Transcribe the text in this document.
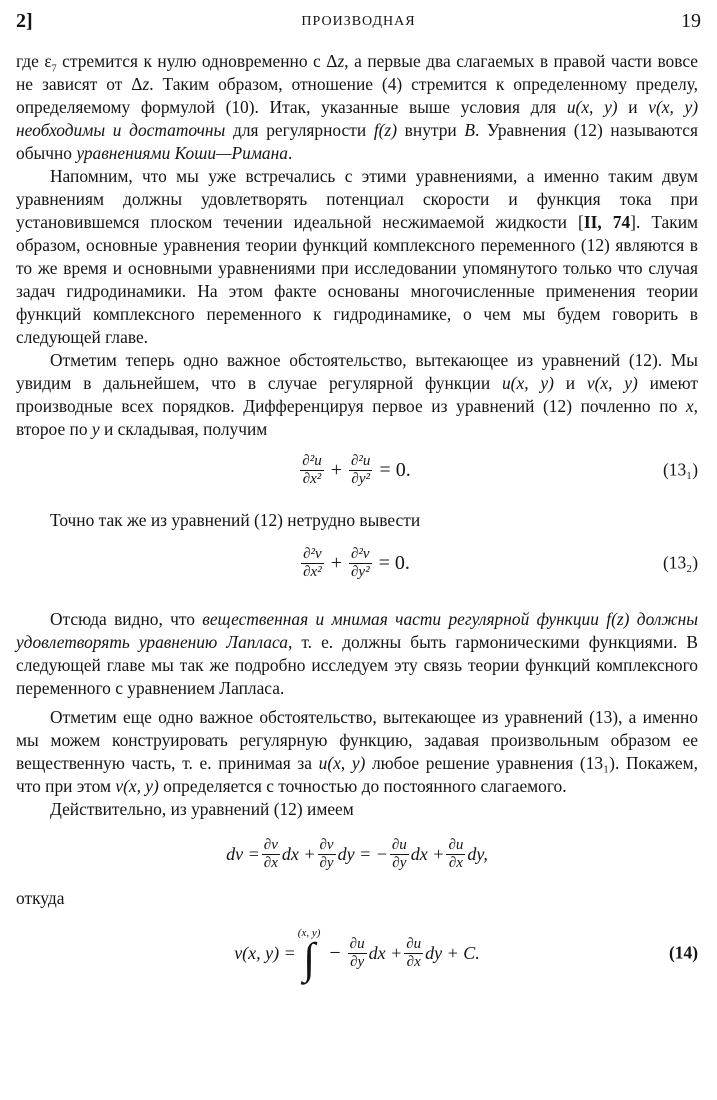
2]	ПРОИЗВОДНАЯ	19

где $\varepsilon_7$ стремится к нулю одновременно с Δz, а первые два слагаемых в правой части вовсе не зависят от Δz. Таким образом, отношение (4) стремится к определенному пределу, определяемому формулой (10). Итак, указанные выше условия для u(x, y) и v(x, y) необходимы и достаточны для регулярности f(z) внутри B. Уравнения (12) называются обычно уравнениями Коши—Римана.

Напомним, что мы уже встречались с этими уравнениями, а именно таким двум уравнениям должны удовлетворять потенциал скорости и функция тока при установившемся плоском течении идеальной несжимаемой жидкости [II, 74]. Таким образом, основные уравнения теории функций комплексного переменного (12) являются в то же время и основными уравнениями при исследовании упомянутого только что случая задач гидродинамики. На этом факте основаны многочисленные применения теории функций комплексного переменного к гидродинамике, о чем мы будем говорить в следующей главе.

Отметим теперь одно важное обстоятельство, вытекающее из уравнений (12). Мы увидим в дальнейшем, что в случае регулярной функции u(x, y) и v(x, y) имеют производные всех порядков. Дифференцируя первое из уравнений (12) почленно по x, второе по y и складывая, получим

$\frac{\text{∂²u}}{\text{∂x²}} + \frac{\text{∂²u}}{\text{∂y²}} = 0$.	(13₁)

Точно так же из уравнений (12) нетрудно вывести

$\frac{\text{∂²v}}{\text{∂x²}} + \frac{\text{∂²v}}{\text{∂y²}} = 0$.	(13₂)

Отсюда видно, что вещественная и мнимая части регулярной функции f(z) должны удовлетворять уравнению Лапласа, т. е. должны быть гармоническими функциями. В следующей главе мы так же подробно исследуем эту связь теории функций комплексного переменного с уравнением Лапласа.

Отметим еще одно важное обстоятельство, вытекающее из уравнений (13), а именно мы можем конструировать регулярную функцию, задавая произвольным образом ее вещественную часть, т. е. принимая за u(x, y) любое решение уравнения (13₁). Покажем, что при этом v(x, y) определяется с точностью до постоянного слагаемого.

Действительно, из уравнений (12) имеем

dv = $\frac{\partial v}{\partial x}$ dx + $\frac{\partial v}{\partial y}$ dy = − $\frac{\partial u}{\partial y}$ dx + $\frac{\partial u}{\partial x}$ dy,

откуда

v(x, y) =
(x, y)
∫ − $\frac{\partial u}{\partial y}$ dx + $\frac{\partial u}{\partial x}$ dy + C.	(14)
